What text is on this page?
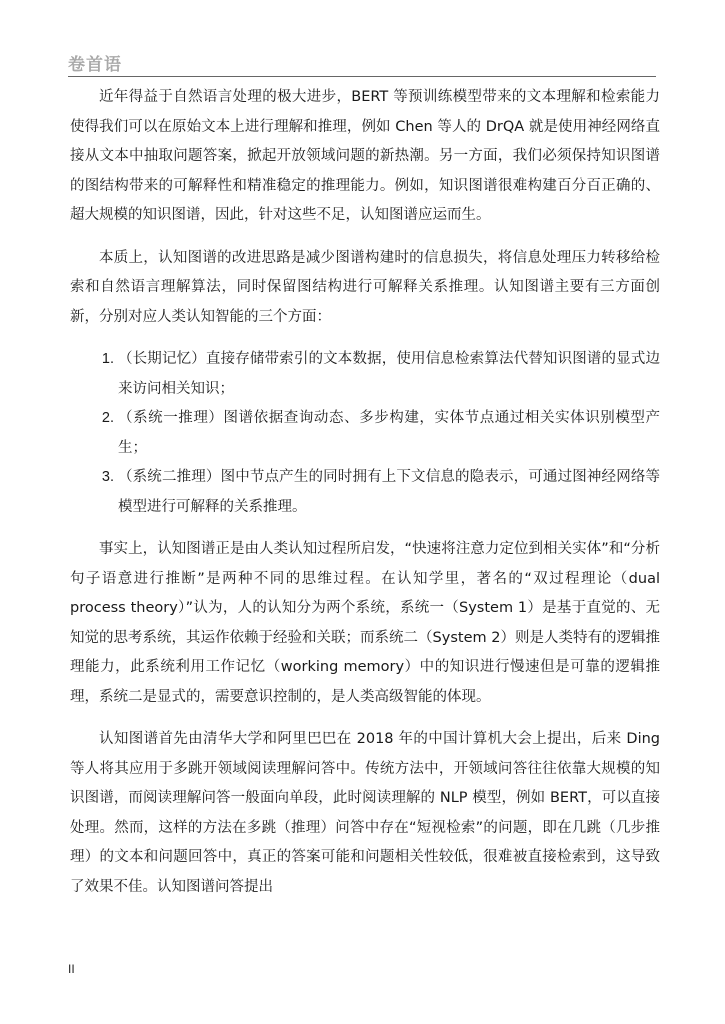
卷首语

近年得益于自然语言处理的极大进步，BERT 等预训练模型带来的文本理解和检索能力使得我们可以在原始文本上进行理解和推理，例如 Chen 等人的 DrQA 就是使用神经网络直接从文本中抽取问题答案，掀起开放领域问题的新热潮。另一方面，我们必须保持知识图谱的图结构带来的可解释性和精准稳定的推理能力。例如，知识图谱很难构建百分百正确的、超大规模的知识图谱，因此，针对这些不足，认知图谱应运而生。

本质上，认知图谱的改进思路是减少图谱构建时的信息损失，将信息处理压力转移给检索和自然语言理解算法，同时保留图结构进行可解释关系推理。认知图谱主要有三方面创新，分别对应人类认知智能的三个方面：

1. （长期记忆）直接存储带索引的文本数据，使用信息检索算法代替知识图谱的显式边来访问相关知识；
2. （系统一推理）图谱依据查询动态、多步构建，实体节点通过相关实体识别模型产生；
3. （系统二推理）图中节点产生的同时拥有上下文信息的隐表示，可通过图神经网络等模型进行可解释的关系推理。

事实上，认知图谱正是由人类认知过程所启发，“快速将注意力定位到相关实体”和“分析句子语意进行推断”是两种不同的思维过程。在认知学里，著名的“双过程理论（dual process theory）”认为，人的认知分为两个系统，系统一（System 1）是基于直觉的、无知觉的思考系统，其运作依赖于经验和关联；而系统二（System 2）则是人类特有的逻辑推理能力，此系统利用工作记忆（working memory）中的知识进行慢速但是可靠的逻辑推理，系统二是显式的，需要意识控制的，是人类高级智能的体现。

认知图谱首先由清华大学和阿里巴巴在 2018 年的中国计算机大会上提出，后来 Ding 等人将其应用于多跳开领域阅读理解问答中。传统方法中，开领域问答往往依靠大规模的知识图谱，而阅读理解问答一般面向单段，此时阅读理解的 NLP 模型，例如 BERT，可以直接处理。然而，这样的方法在多跳（推理）问答中存在“短视检索”的问题，即在几跳（几步推理）的文本和问题回答中，真正的答案可能和问题相关性较低，很难被直接检索到，这导致了效果不佳。认知图谱问答提出

II
